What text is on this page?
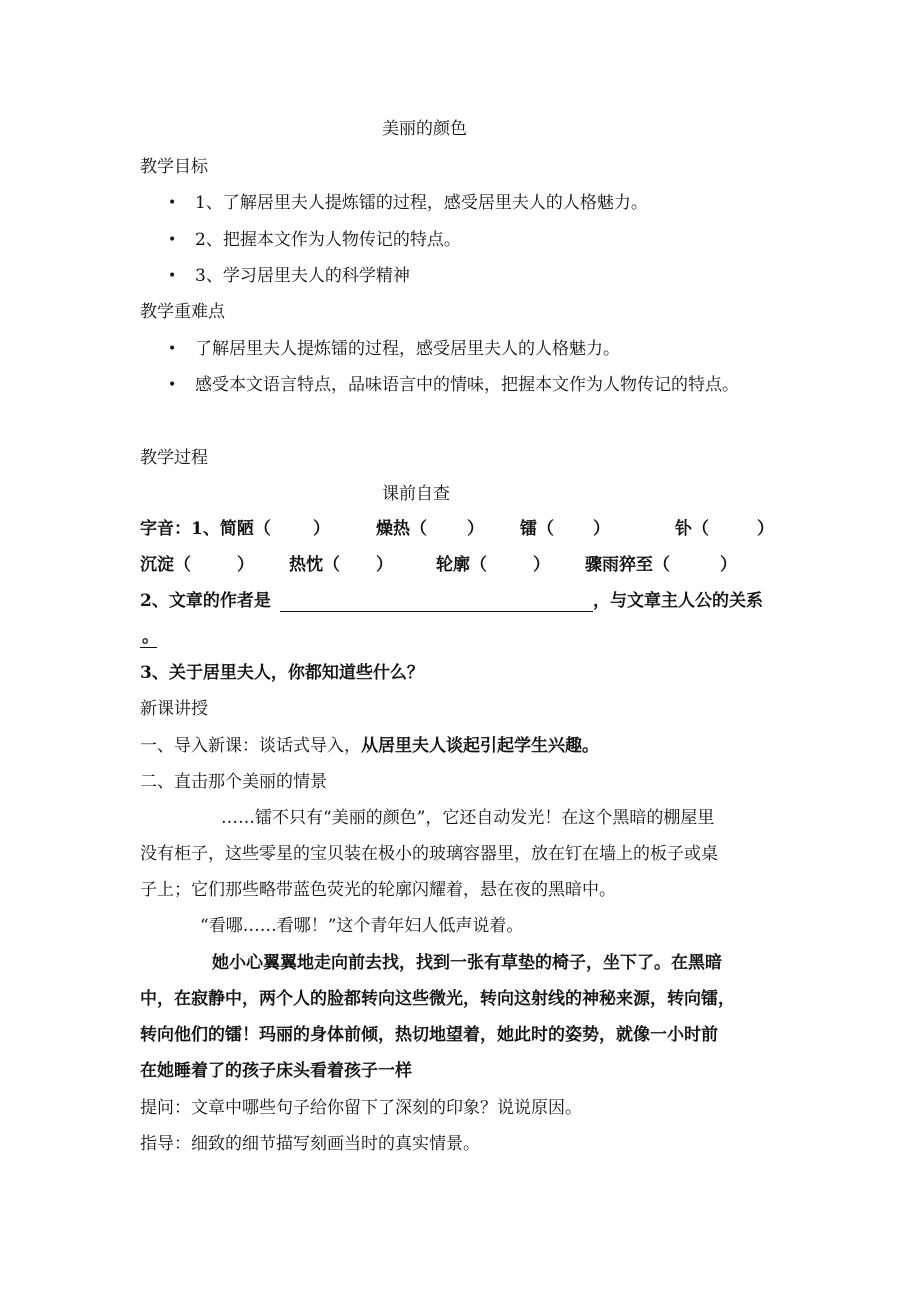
美丽的颜色
教学目标
• 1、了解居里夫人提炼镭的过程，感受居里夫人的人格魅力。
• 2、把握本文作为人物传记的特点。
• 3、学习居里夫人的科学精神
教学重难点
• 了解居里夫人提炼镭的过程，感受居里夫人的人格魅力。
• 感受本文语言特点，品味语言中的情味，把握本文作为人物传记的特点。
教学过程
课前自查
字音：1、简陋（ ）	燥热（ ） 镭（ ）	钋（	）
沉淀（	） 热忱（ ）	轮廓（	） 骤雨猝至（	）
2、文章的作者是	，与文章主人公的关系
。
3、关于居里夫人，你都知道些什么？
新课讲授
一、导入新课：谈话式导入，从居里夫人谈起引起学生兴趣。
二、直击那个美丽的情景
……镭不只有“美丽的颜色”，它还自动发光！在这个黑暗的棚屋里
没有柜子，这些零星的宝贝装在极小的玻璃容器里，放在钉在墙上的板子或桌
子上；它们那些略带蓝色荧光的轮廓闪耀着，悬在夜的黑暗中。
“看哪……看哪！”这个青年妇人低声说着。
她小心翼翼地走向前去找，找到一张有草垫的椅子，坐下了。在黑暗
中，在寂静中，两个人的脸都转向这些微光，转向这射线的神秘来源，转向镭，
转向他们的镭！玛丽的身体前倾，热切地望着，她此时的姿势，就像一小时前
在她睡着了的孩子床头看着孩子一样
提问：文章中哪些句子给你留下了深刻的印象？说说原因。
指导：细致的细节描写刻画当时的真实情景。
